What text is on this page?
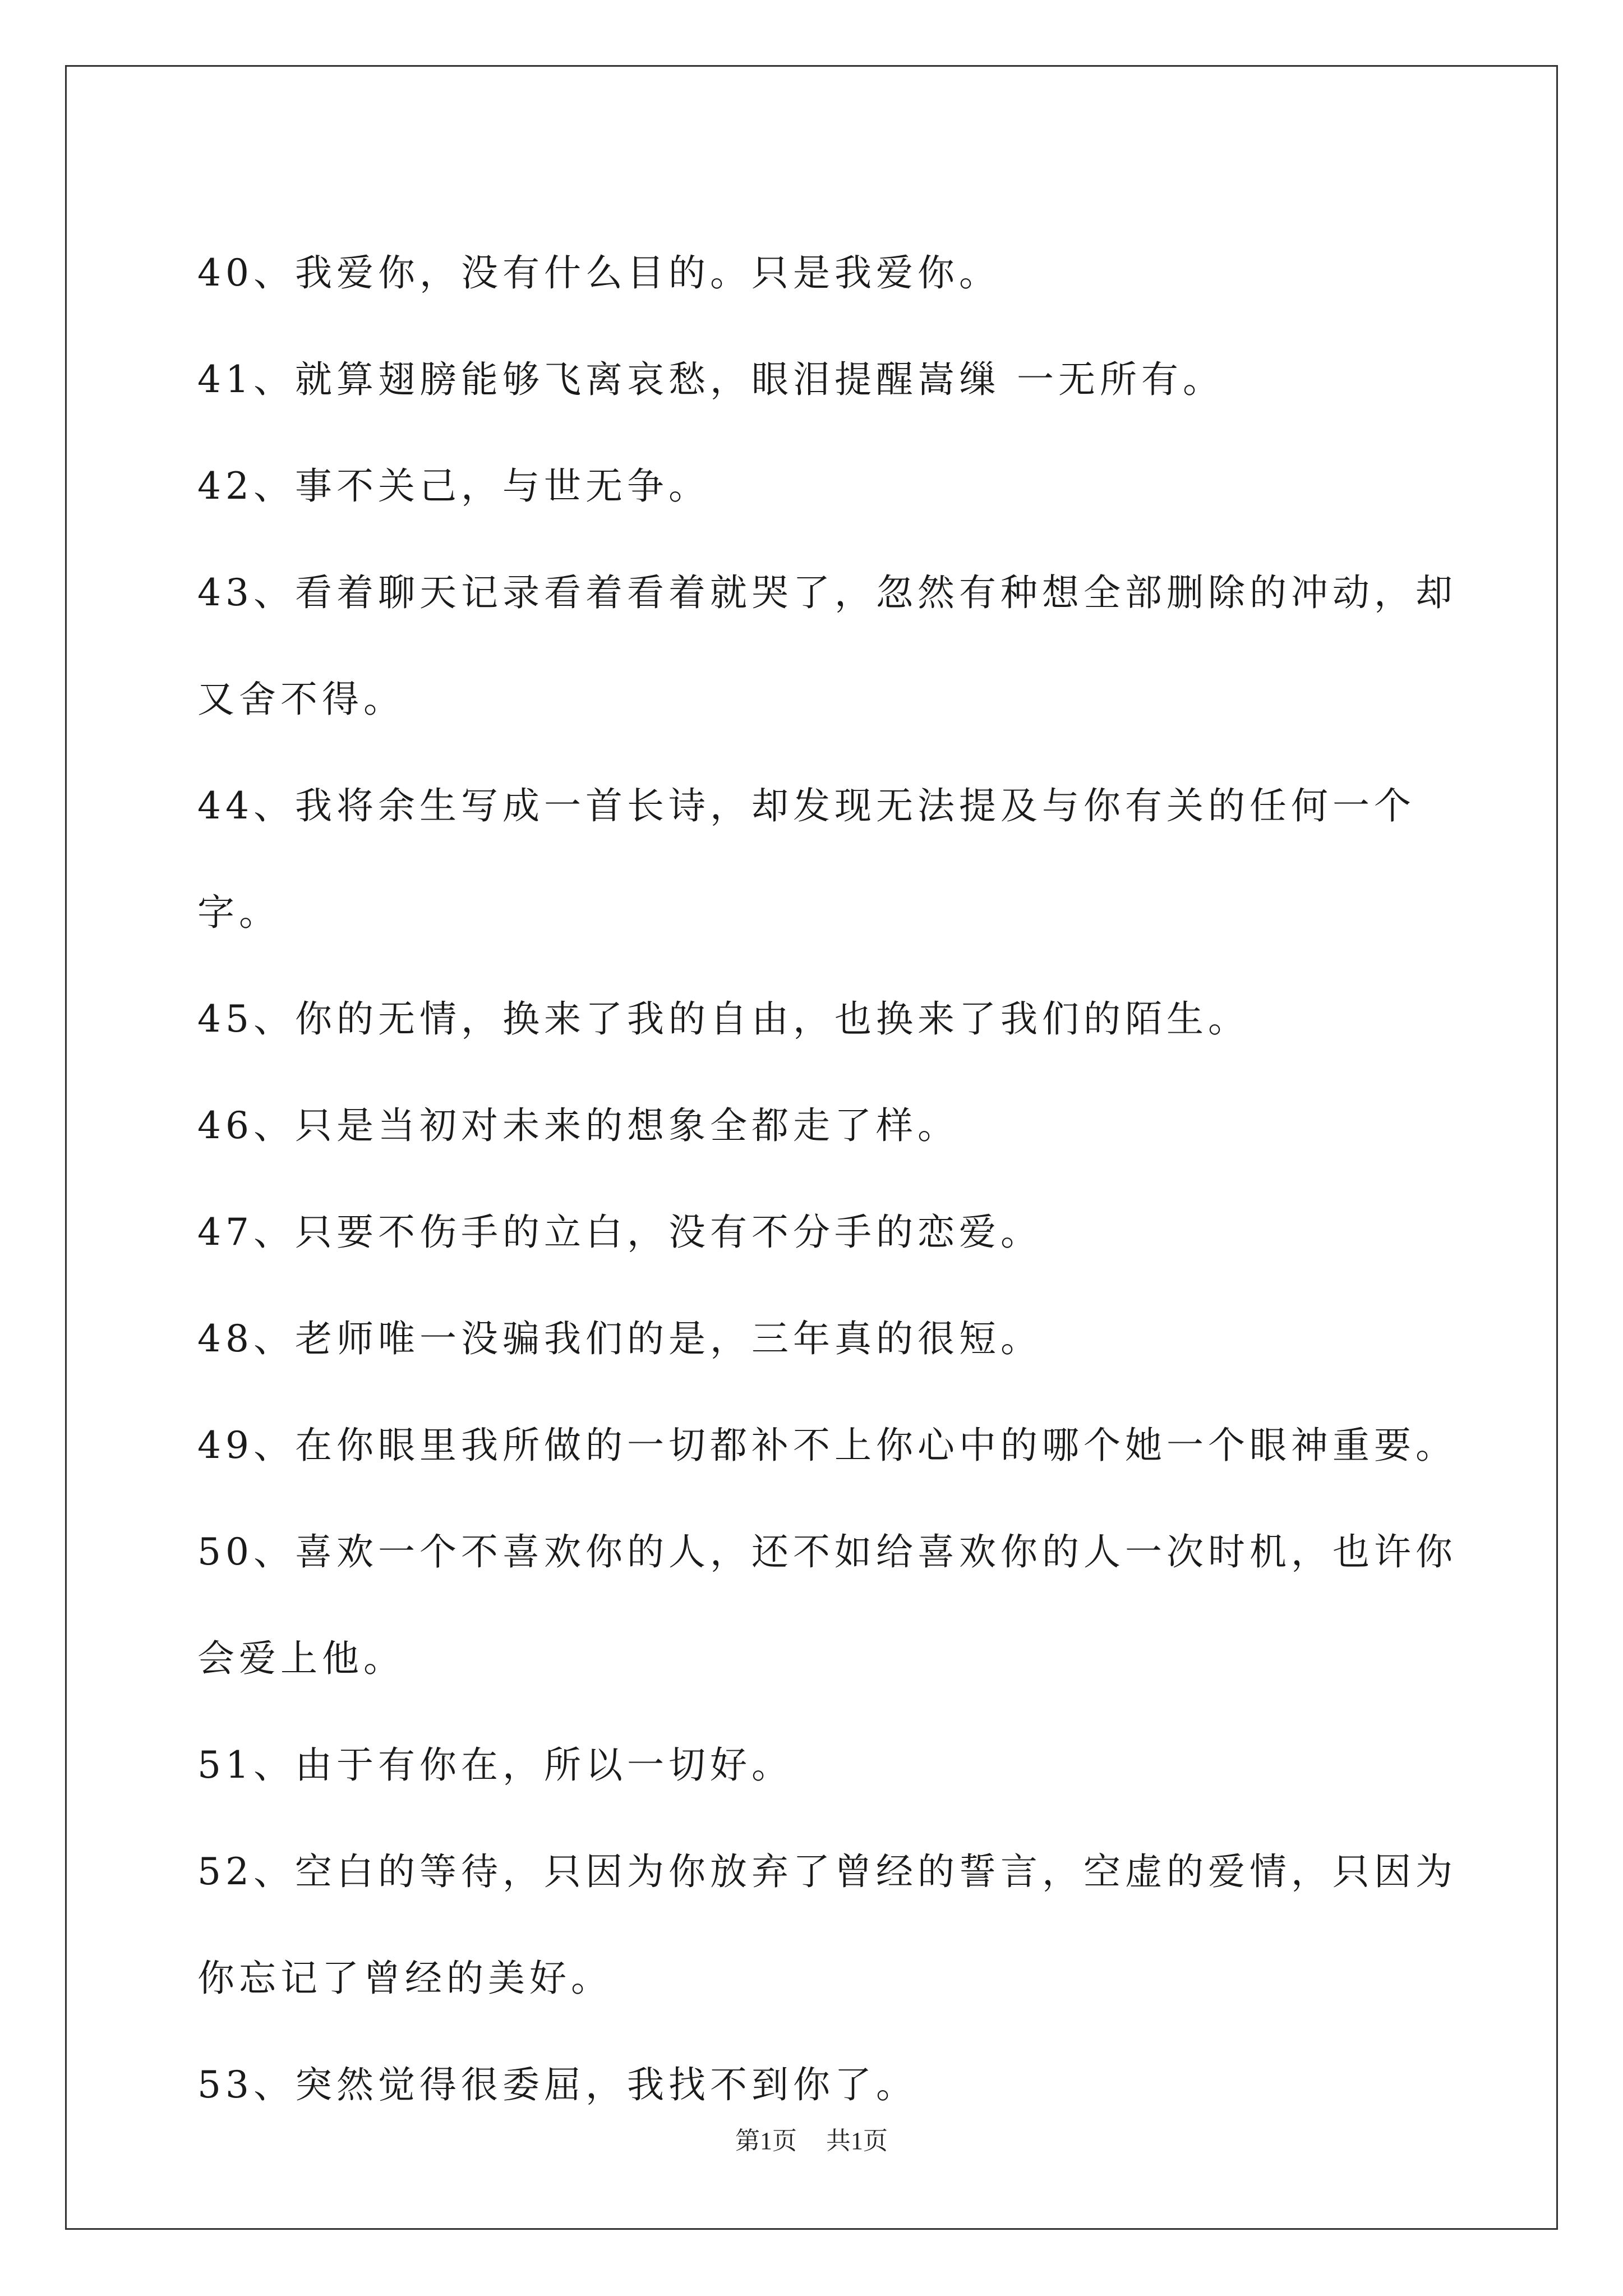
40、我爱你，没有什么目的。只是我爱你。

41、就算翅膀能够飞离哀愁，眼泪提醒嵩缫 一无所有。

42、事不关己，与世无争。

43、看着聊天记录看着看着就哭了，忽然有种想全部删除的冲动，却又舍不得。

44、我将余生写成一首长诗，却发现无法提及与你有关的任何一个字。

45、你的无情，换来了我的自由，也换来了我们的陌生。

46、只是当初对未来的想象全都走了样。

47、只要不伤手的立白，没有不分手的恋爱。

48、老师唯一没骗我们的是，三年真的很短。

49、在你眼里我所做的一切都补不上你心中的哪个她一个眼神重要。

50、喜欢一个不喜欢你的人，还不如给喜欢你的人一次时机，也许你会爱上他。

51、由于有你在，所以一切好。

52、空白的等待，只因为你放弃了曾经的誓言，空虚的爱情，只因为你忘记了曾经的美好。

53、突然觉得很委屈，我找不到你了。

第1页 共1页
